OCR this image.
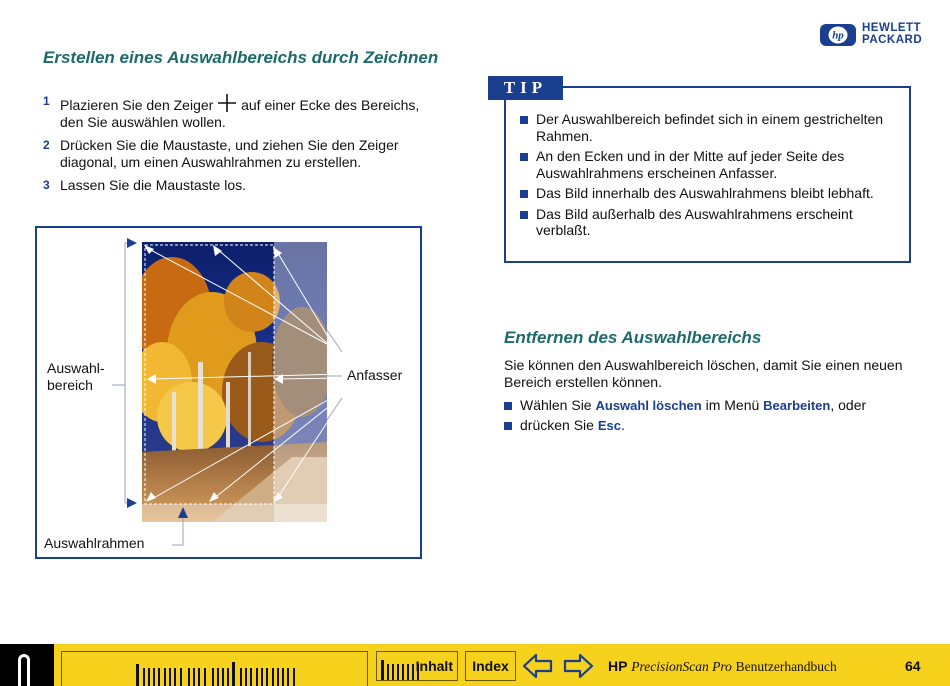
hp
HEWLETT
PACKARD
Erstellen eines Auswahlbereichs durch Zeichnen
1 Plazieren Sie den Zeiger  auf einer Ecke des Bereichs, den Sie auswählen wollen.
2 Drücken Sie die Maustaste, und ziehen Sie den Zeiger diagonal, um einen Auswahlrahmen zu erstellen.
3 Lassen Sie die Maustaste los.
Auswahl-
bereich
Anfasser
Auswahlrahmen
TIP
Der Auswahlbereich befindet sich in einem gestrichelten Rahmen.
An den Ecken und in der Mitte auf jeder Seite des Auswahlrahmens erscheinen Anfasser.
Das Bild innerhalb des Auswahlrahmens bleibt lebhaft.
Das Bild außerhalb des Auswahlrahmens erscheint verblaßt.
Entfernen des Auswahlbereichs

Sie können den Auswahlbereich löschen, damit Sie einen neuen Bereich erstellen können.

Wählen Sie Auswahl löschen im Menü Bearbeiten, oder
drücken Sie Esc.
Inhalt	Index	HP PrecisionScan Pro Benutzerhandbuch	64
